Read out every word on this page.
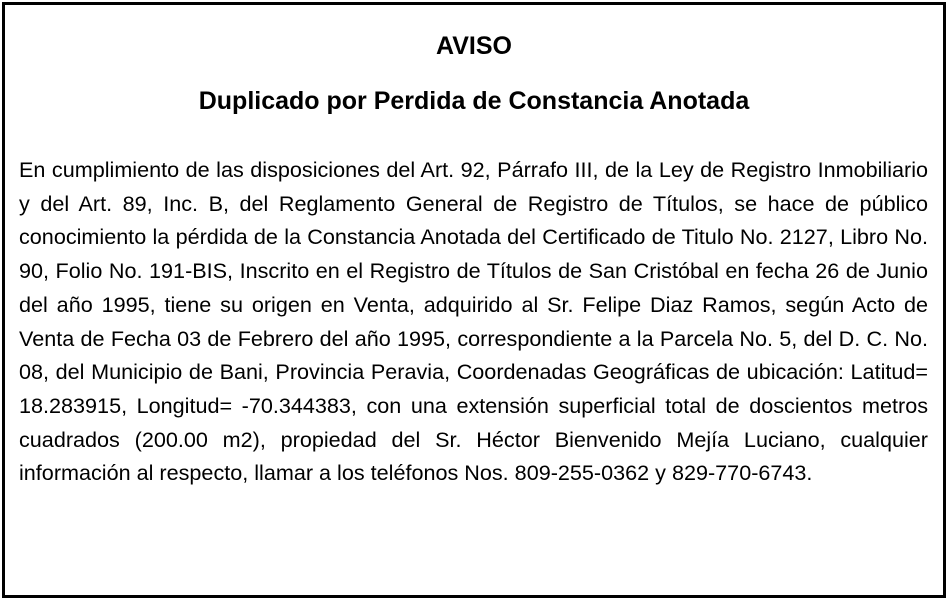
AVISO
Duplicado por Perdida de Constancia Anotada

En cumplimiento de las disposiciones del Art. 92, Párrafo III, de la Ley de Registro Inmobiliario y del Art. 89, Inc. B, del Reglamento General de Registro de Títulos, se hace de público conocimiento la pérdida de la Constancia Anotada del Certificado de Titulo No. 2127, Libro No. 90, Folio No. 191-BIS, Inscrito en el Registro de Títulos de San Cristóbal en fecha 26 de Junio del año 1995, tiene su origen en Venta, adquirido al Sr. Felipe Diaz Ramos, según Acto de Venta de Fecha 03 de Febrero del año 1995, correspondiente a la Parcela No. 5, del D. C. No. 08, del Municipio de Bani, Provincia Peravia, Coordenadas Geográficas de ubicación: Latitud= 18.283915, Longitud= -70.344383, con una extensión superficial total de doscientos metros cuadrados (200.00 m2), propiedad del Sr. Héctor Bienvenido Mejía Luciano, cualquier información al respecto, llamar a los teléfonos Nos. 809-255-0362 y 829-770-6743.
